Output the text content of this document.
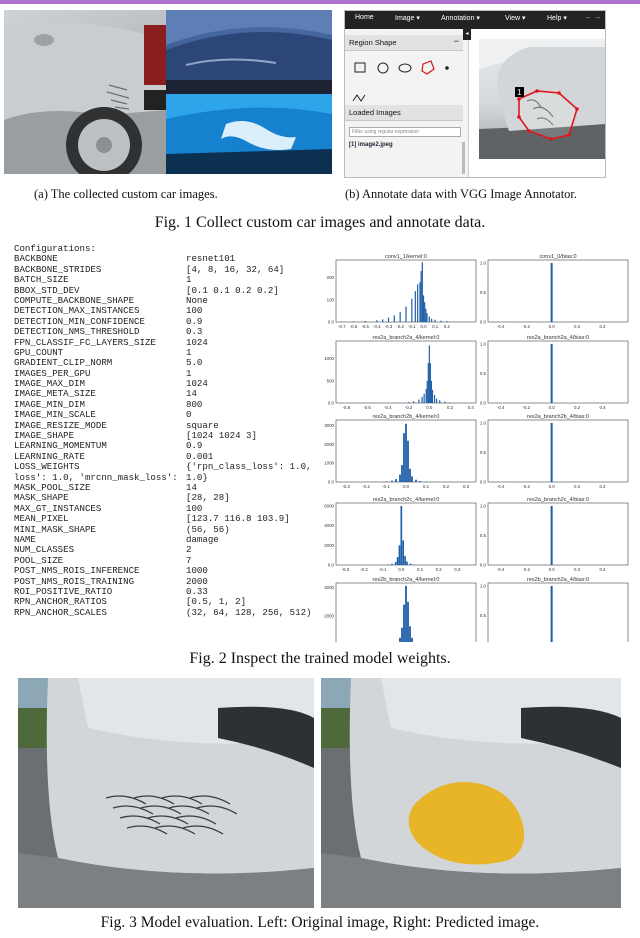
Home	Image ▾	Annotation ▾	View ▾	Help ▾	← →
Region Shape	−
Loaded Images
Filter using regular expression
[1] image2.jpeg
◂
1
(a) The collected custom car images.	(b) Annotate data with VGG Image Annotator.
Fig. 1 Collect custom car images and annotate data.
Configurations:
BACKBONE	resnet101
BACKBONE_STRIDES	[4, 8, 16, 32, 64]
BATCH_SIZE	1
BBOX_STD_DEV	[0.1 0.1 0.2 0.2]
COMPUTE_BACKBONE_SHAPE	None
DETECTION_MAX_INSTANCES	100
DETECTION_MIN_CONFIDENCE	0.9
DETECTION_NMS_THRESHOLD	0.3
FPN_CLASSIF_FC_LAYERS_SIZE	1024
GPU_COUNT	1
GRADIENT_CLIP_NORM	5.0
IMAGES_PER_GPU	1
IMAGE_MAX_DIM	1024
IMAGE_META_SIZE	14
IMAGE_MIN_DIM	800
IMAGE_MIN_SCALE	0
IMAGE_RESIZE_MODE	square
IMAGE_SHAPE	[1024 1024 3]
LEARNING_MOMENTUM	0.9
LEARNING_RATE	0.001
LOSS_WEIGHTS	{'rpn_class_loss': 1.0,
loss': 1.0, 'mrcnn_mask_loss': 1.0}
MASK_POOL_SIZE	14
MASK_SHAPE	[28, 28]
MAX_GT_INSTANCES	100
MEAN_PIXEL	[123.7 116.8 103.9]
MINI_MASK_SHAPE	(56, 56)
NAME	damage
NUM_CLASSES	2
POOL_SIZE	7
POST_NMS_ROIS_INFERENCE	1000
POST_NMS_ROIS_TRAINING	2000
ROI_POSITIVE_RATIO	0.33
RPN_ANCHOR_RATIOS	[0.5, 1, 2]
RPN_ANCHOR_SCALES	(32, 64, 128, 256, 512)
conv1_1/kernel:0
-0.7 -0.6 -0.5 -0.4 -0.3 -0.2 -0.1 0.0 0.1 0.2
0.0
100
200
conv1_0/bias:0
-0.4	-0.2	0.0	0.2	0.4
0.0
0.5
1.0
res2a_branch2a_4/kernel:0
-0.8	-0.6	-0.4	-0.2	0.0	0.2	0.4
0.0
500
1000
res2a_branch2a_4/bias:0
-0.4	-0.2	0.0	0.2	0.4
0.0
0.5
1.0
res2a_branch2b_4/kernel:0
-0.3	-0.2	-0.1	0.0	0.1	0.2	0.3
0.0
1000
2000
3000
res2a_branch2b_4/bias:0
-0.4	-0.2	0.0	0.2	0.4
0.0
0.5
1.0
res2a_branch2c_4/kernel:0
-0.3	-0.2	-0.1	0.0	0.1	0.2	0.3
0.0
2000
4000
6000
res2a_branch2c_4/bias:0
-0.4	-0.2	0.0	0.2	0.4
0.0
0.5
1.0
res2b_branch2a_4/kernel:0
2000
4000
res2b_branch2a_4/bias:0
0.5
1.0
Fig. 2 Inspect the trained model weights.
Fig. 3 Model evaluation. Left: Original image, Right: Predicted image.
